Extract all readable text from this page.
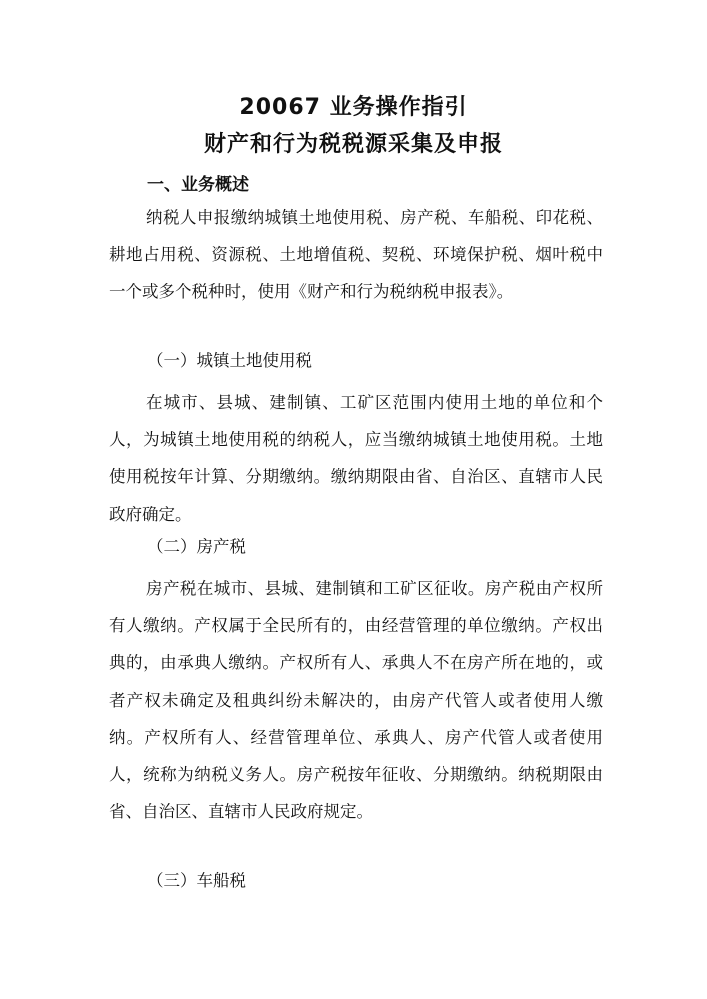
20067 业务操作指引
财产和行为税税源采集及申报
一、业务概述

纳税人申报缴纳城镇土地使用税、房产税、车船税、印花税、耕地占用税、资源税、土地增值税、契税、环境保护税、烟叶税中一个或多个税种时，使用《财产和行为税纳税申报表》。

（一）城镇土地使用税

在城市、县城、建制镇、工矿区范围内使用土地的单位和个人，为城镇土地使用税的纳税人，应当缴纳城镇土地使用税。土地使用税按年计算、分期缴纳。缴纳期限由省、自治区、直辖市人民政府确定。

（二）房产税

房产税在城市、县城、建制镇和工矿区征收。房产税由产权所有人缴纳。产权属于全民所有的，由经营管理的单位缴纳。产权出典的，由承典人缴纳。产权所有人、承典人不在房产所在地的，或者产权未确定及租典纠纷未解决的，由房产代管人或者使用人缴纳。产权所有人、经营管理单位、承典人、房产代管人或者使用人，统称为纳税义务人。房产税按年征收、分期缴纳。纳税期限由省、自治区、直辖市人民政府规定。

（三）车船税
